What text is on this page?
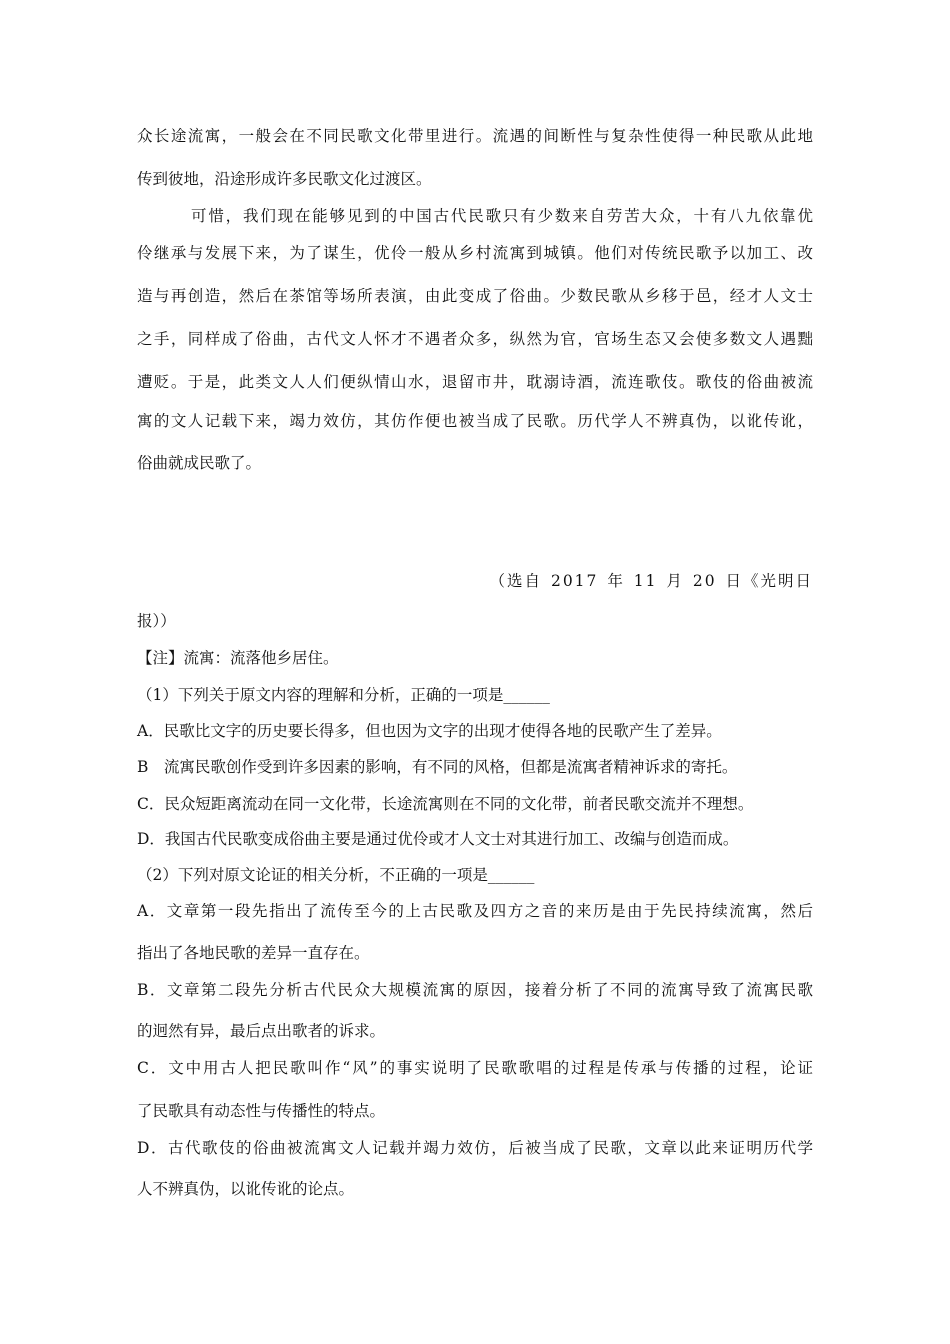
众长途流寓，一般会在不同民歌文化带里进行。流遇的间断性与复杂性使得一种民歌从此地
传到彼地，沿途形成许多民歌文化过渡区。
可惜，我们现在能够见到的中国古代民歌只有少数来自劳苦大众，十有八九依靠优
伶继承与发展下来，为了谋生，优伶一般从乡村流寓到城镇。他们对传统民歌予以加工、改
造与再创造，然后在茶馆等场所表演，由此变成了俗曲。少数民歌从乡移于邑，经才人文士
之手，同样成了俗曲，古代文人怀才不遇者众多，纵然为官，官场生态又会使多数文人遇黜
遭贬。于是，此类文人人们便纵情山水，退留市井，耽溺诗酒，流连歌伎。歌伎的俗曲被流
寓的文人记载下来，竭力效仿，其仿作便也被当成了民歌。历代学人不辨真伪，以讹传讹，
俗曲就成民歌了。
（选自 2017 年 11 月 20 日《光明日
报））
【注】流寓：流落他乡居住。
（1）下列关于原文内容的理解和分析，正确的一项是______
A．民歌比文字的历史要长得多，但也因为文字的出现才使得各地的民歌产生了差异。
B　流寓民歌创作受到许多因素的影响，有不同的风格，但都是流寓者精神诉求的寄托。
C．民众短距离流动在同一文化带，长途流寓则在不同的文化带，前者民歌交流并不理想。
D．我国古代民歌变成俗曲主要是通过优伶或才人文士对其进行加工、改编与创造而成。
（2）下列对原文论证的相关分析，不正确的一项是______
A．文章第一段先指出了流传至今的上古民歌及四方之音的来历是由于先民持续流寓，然后
指出了各地民歌的差异一直存在。
B．文章第二段先分析古代民众大规模流寓的原因，接着分析了不同的流寓导致了流寓民歌
的迥然有异，最后点出歌者的诉求。
C．文中用古人把民歌叫作“风”的事实说明了民歌歌唱的过程是传承与传播的过程，论证
了民歌具有动态性与传播性的特点。
D．古代歌伎的俗曲被流寓文人记载并竭力效仿，后被当成了民歌，文章以此来证明历代学
人不辨真伪，以讹传讹的论点。
